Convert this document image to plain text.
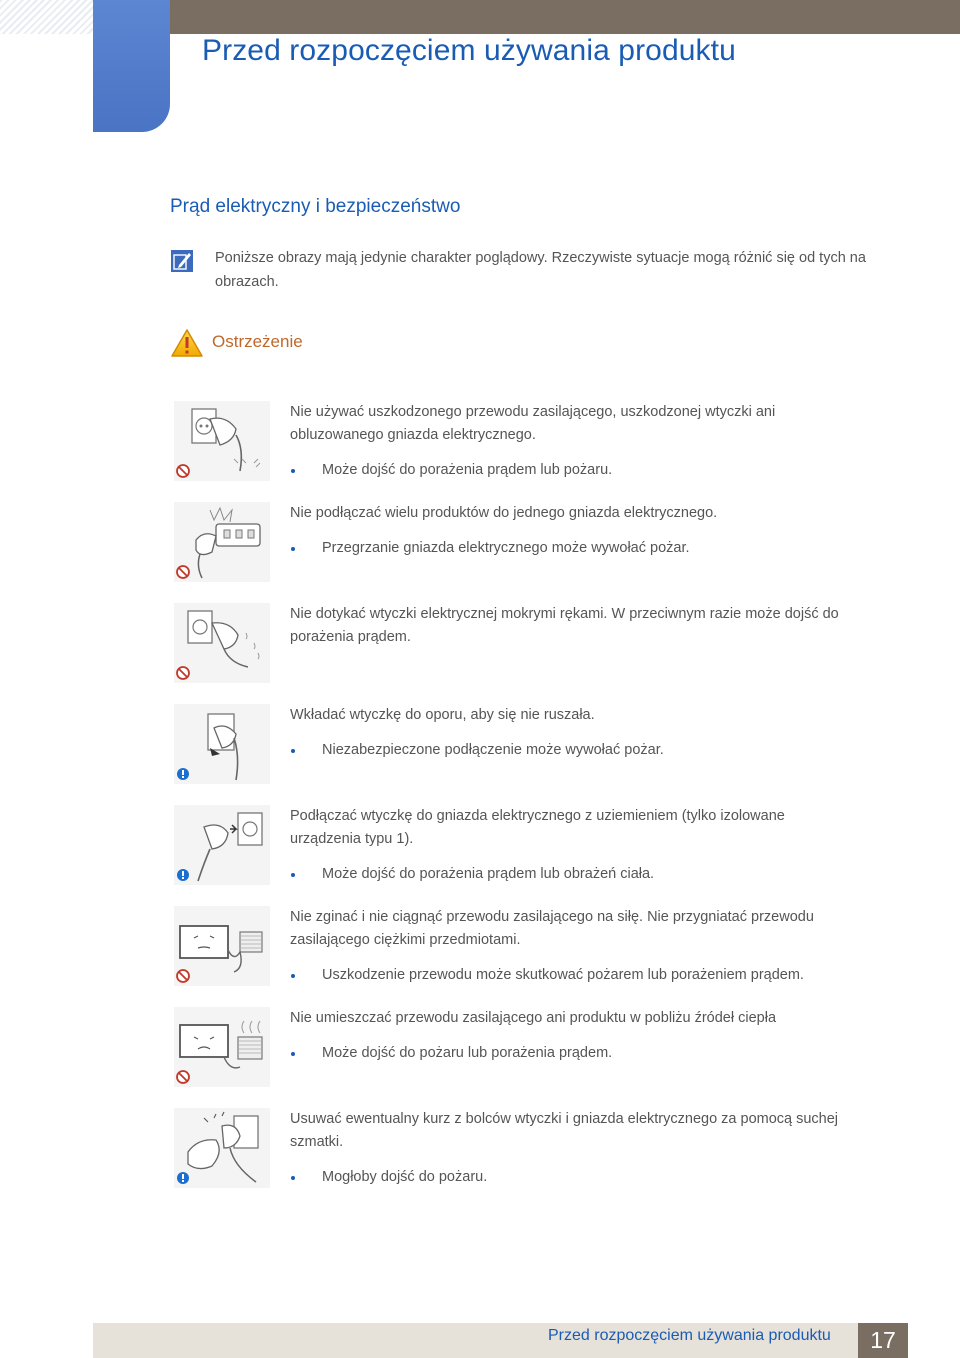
Przed rozpoczęciem używania produktu
Prąd elektryczny i bezpieczeństwo
Poniższe obrazy mają jedynie charakter poglądowy. Rzeczywiste sytuacje mogą różnić się od tych na obrazach.
Ostrzeżenie

Nie używać uszkodzonego przewodu zasilającego, uszkodzonej wtyczki ani obluzowanego gniazda elektrycznego.

Może dojść do porażenia prądem lub pożaru.

Nie podłączać wielu produktów do jednego gniazda elektrycznego.

Przegrzanie gniazda elektrycznego może wywołać pożar.

Nie dotykać wtyczki elektrycznej mokrymi rękami. W przeciwnym razie może dojść do porażenia prądem.

Wkładać wtyczkę do oporu, aby się nie ruszała.

Niezabezpieczone podłączenie może wywołać pożar.

Podłączać wtyczkę do gniazda elektrycznego z uziemieniem (tylko izolowane urządzenia typu 1).

Może dojść do porażenia prądem lub obrażeń ciała.

Nie zginać i nie ciągnąć przewodu zasilającego na siłę. Nie przygniatać przewodu zasilającego ciężkimi przedmiotami.

Uszkodzenie przewodu może skutkować pożarem lub porażeniem prądem.

Nie umieszczać przewodu zasilającego ani produktu w pobliżu źródeł ciepła

Może dojść do pożaru lub porażenia prądem.

Usuwać ewentualny kurz z bolców wtyczki i gniazda elektrycznego za pomocą suchej szmatki.

Mogłoby dojść do pożaru.
Przed rozpoczęciem używania produktu	17
